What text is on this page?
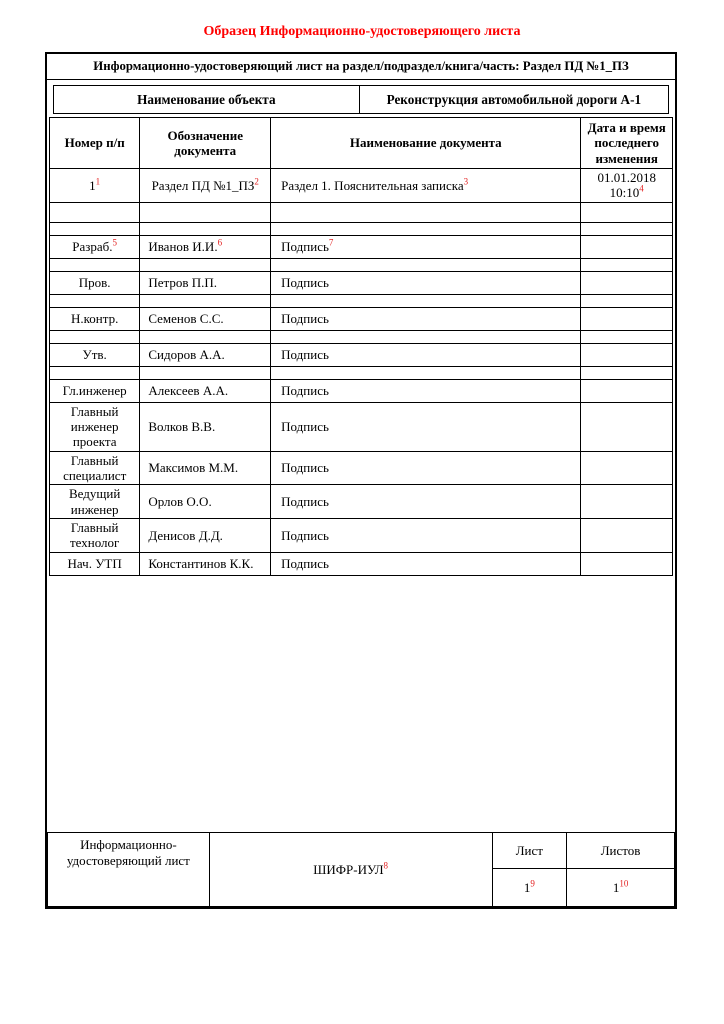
Образец Информационно-удостоверяющего листа
Информационно-удостоверяющий лист на раздел/подраздел/книга/часть: Раздел ПД №1_ПЗ
Наименование объекта	Реконструкция автомобильной дороги А-1
Номер п/п	Обозначение документа	Наименование документа	Дата и время последнего изменения
$1^1$	Раздел ПД $№1\_ПЗ^2$	Раздел 1. Пояснительная записка$^3$	01.01.2018
$10:10^4$

Разраб.$^5$	Иванов И.И.$^6$	Подпись$^7$	

Пров.	Петров П.П.	Подпись	

Н.контр.	Семенов С.С.	Подпись	

Утв.	Сидоров А.А.	Подпись	

Гл.инженер	Алексеев А.А.	Подпись	
Главный инженер проекта	Волков В.В.	Подпись	
Главный специалист	Максимов М.М.	Подпись	
Ведущий инженер	Орлов О.О.	Подпись	
Главный технолог	Денисов Д.Д.	Подпись	
Нач. УТП	Константинов К.К.	Подпись	
Информационно-удостоверяющий лист	ШИФР-ИУЛ$^8$	Лист	Листов
		$1^9$	$1^{10}$
